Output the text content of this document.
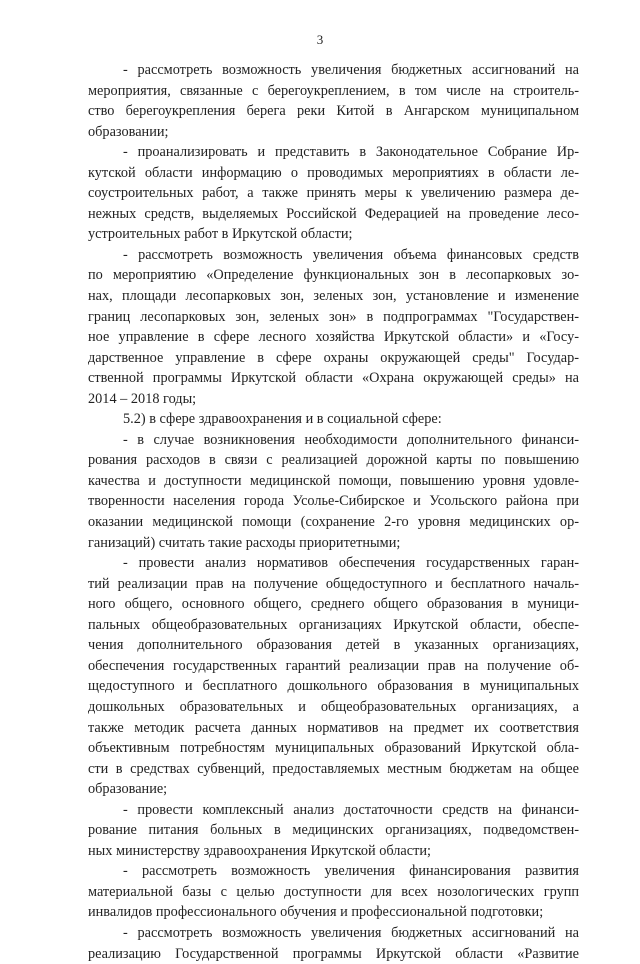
3
- рассмотреть возможность увеличения бюджетных ассигнований на
мероприятия, связанные с берегоукреплением, в том числе на строитель-
ство берегоукрепления берега реки Китой в Ангарском муниципальном
образовании;
- проанализировать и представить в Законодательное Собрание Ир-
кутской области информацию о проводимых мероприятиях в области ле-
соустроительных работ, а также принять меры к увеличению размера де-
нежных средств, выделяемых Российской Федерацией на проведение лесо-
устроительных работ в Иркутской области;
- рассмотреть возможность увеличения объема финансовых средств
по мероприятию «Определение функциональных зон в лесопарковых зо-
нах, площади лесопарковых зон, зеленых зон, установление и изменение
границ лесопарковых зон, зеленых зон» в подпрограммах "Государствен-
ное управление в сфере лесного хозяйства Иркутской области» и «Госу-
дарственное управление в сфере охраны окружающей среды" Государ-
ственной программы Иркутской области «Охрана окружающей среды» на
2014 – 2018 годы;
5.2) в сфере здравоохранения и в социальной сфере:
- в случае возникновения необходимости дополнительного финанси-
рования расходов в связи с реализацией дорожной карты по повышению
качества и доступности медицинской помощи, повышению уровня удовле-
творенности населения города Усолье-Сибирское и Усольского района при
оказании медицинской помощи (сохранение 2-го уровня медицинских ор-
ганизаций) считать такие расходы приоритетными;
- провести анализ нормативов обеспечения государственных гаран-
тий реализации прав на получение общедоступного и бесплатного началь-
ного общего, основного общего, среднего общего образования в муници-
пальных общеобразовательных организациях Иркутской области, обеспе-
чения дополнительного образования детей в указанных организациях,
обеспечения государственных гарантий реализации прав на получение об-
щедоступного и бесплатного дошкольного образования в муниципальных
дошкольных образовательных и общеобразовательных организациях, а
также методик расчета данных нормативов на предмет их соответствия
объективным потребностям муниципальных образований Иркутской обла-
сти в средствах субвенций, предоставляемых местным бюджетам на общее
образование;
- провести комплексный анализ достаточности средств на финанси-
рование питания больных в медицинских организациях, подведомствен-
ных министерству здравоохранения Иркутской области;
- рассмотреть возможность увеличения финансирования развития
материальной базы с целью доступности для всех нозологических групп
инвалидов профессионального обучения и профессиональной подготовки;
- рассмотреть возможность увеличения бюджетных ассигнований на
реализацию Государственной программы Иркутской области «Развитие
